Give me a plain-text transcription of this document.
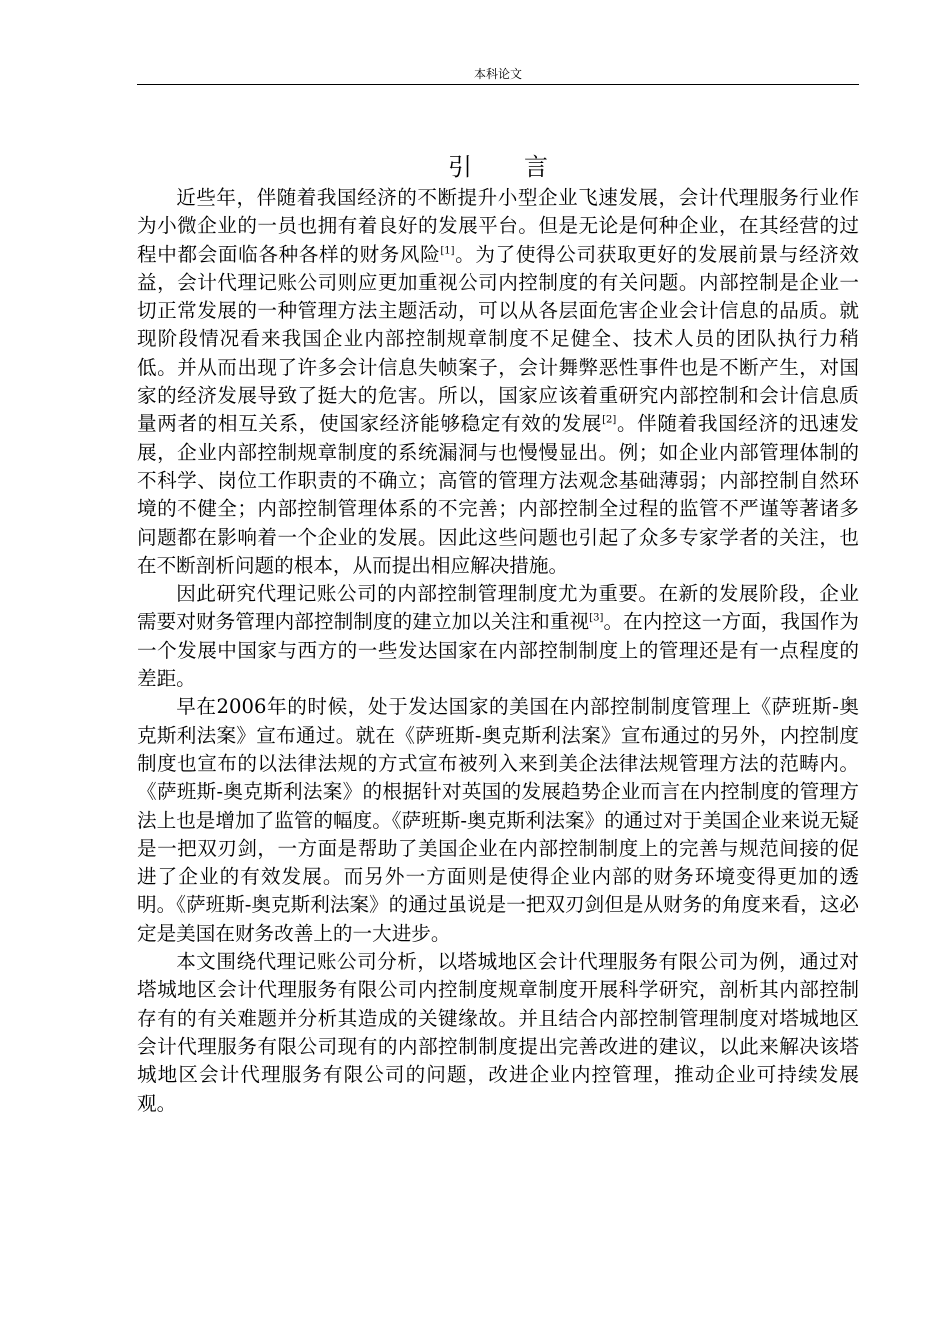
本科论文
引言

近些年，伴随着我国经济的不断提升小型企业飞速发展，会计代理服务行业作为小微企业的一员也拥有着良好的发展平台。但是无论是何种企业，在其经营的过程中都会面临各种各样的财务风险[1]。为了使得公司获取更好的发展前景与经济效益，会计代理记账公司则应更加重视公司内控制度的有关问题。内部控制是企业一切正常发展的一种管理方法主题活动，可以从各层面危害企业会计信息的品质。就现阶段情况看来我国企业内部控制规章制度不足健全、技术人员的团队执行力稍低。并从而出现了许多会计信息失帧案子，会计舞弊恶性事件也是不断产生，对国家的经济发展导致了挺大的危害。所以，国家应该着重研究内部控制和会计信息质量两者的相互关系，使国家经济能够稳定有效的发展[2]。伴随着我国经济的迅速发展，企业内部控制规章制度的系统漏洞与也慢慢显出。例；如企业内部管理体制的不科学、岗位工作职责的不确立；高管的管理方法观念基础薄弱；内部控制自然环境的不健全；内部控制管理体系的不完善；内部控制全过程的监管不严谨等著诸多问题都在影响着一个企业的发展。因此这些问题也引起了众多专家学者的关注，也在不断剖析问题的根本，从而提出相应解决措施。

因此研究代理记账公司的内部控制管理制度尤为重要。在新的发展阶段，企业需要对财务管理内部控制制度的建立加以关注和重视[3]。在内控这一方面，我国作为一个发展中国家与西方的一些发达国家在内部控制制度上的管理还是有一点程度的差距。

早在2006年的时候，处于发达国家的美国在内部控制制度管理上《萨班斯-奥克斯利法案》宣布通过。就在《萨班斯-奥克斯利法案》宣布通过的另外，内控制度制度也宣布的以法律法规的方式宣布被列入来到美企法律法规管理方法的范畴内。《萨班斯-奥克斯利法案》的根据针对英国的发展趋势企业而言在内控制度的管理方法上也是增加了监管的幅度。《萨班斯-奥克斯利法案》的通过对于美国企业来说无疑是一把双刃剑，一方面是帮助了美国企业在内部控制制度上的完善与规范间接的促进了企业的有效发展。而另外一方面则是使得企业内部的财务环境变得更加的透明。《萨班斯-奥克斯利法案》的通过虽说是一把双刃剑但是从财务的角度来看，这必定是美国在财务改善上的一大进步。

本文围绕代理记账公司分析，以塔城地区会计代理服务有限公司为例，通过对塔城地区会计代理服务有限公司内控制度规章制度开展科学研究，剖析其内部控制存有的有关难题并分析其造成的关键缘故。并且结合内部控制管理制度对塔城地区会计代理服务有限公司现有的内部控制制度提出完善改进的建议，以此来解决该塔城地区会计代理服务有限公司的问题，改进企业内控管理，推动企业可持续发展观。
